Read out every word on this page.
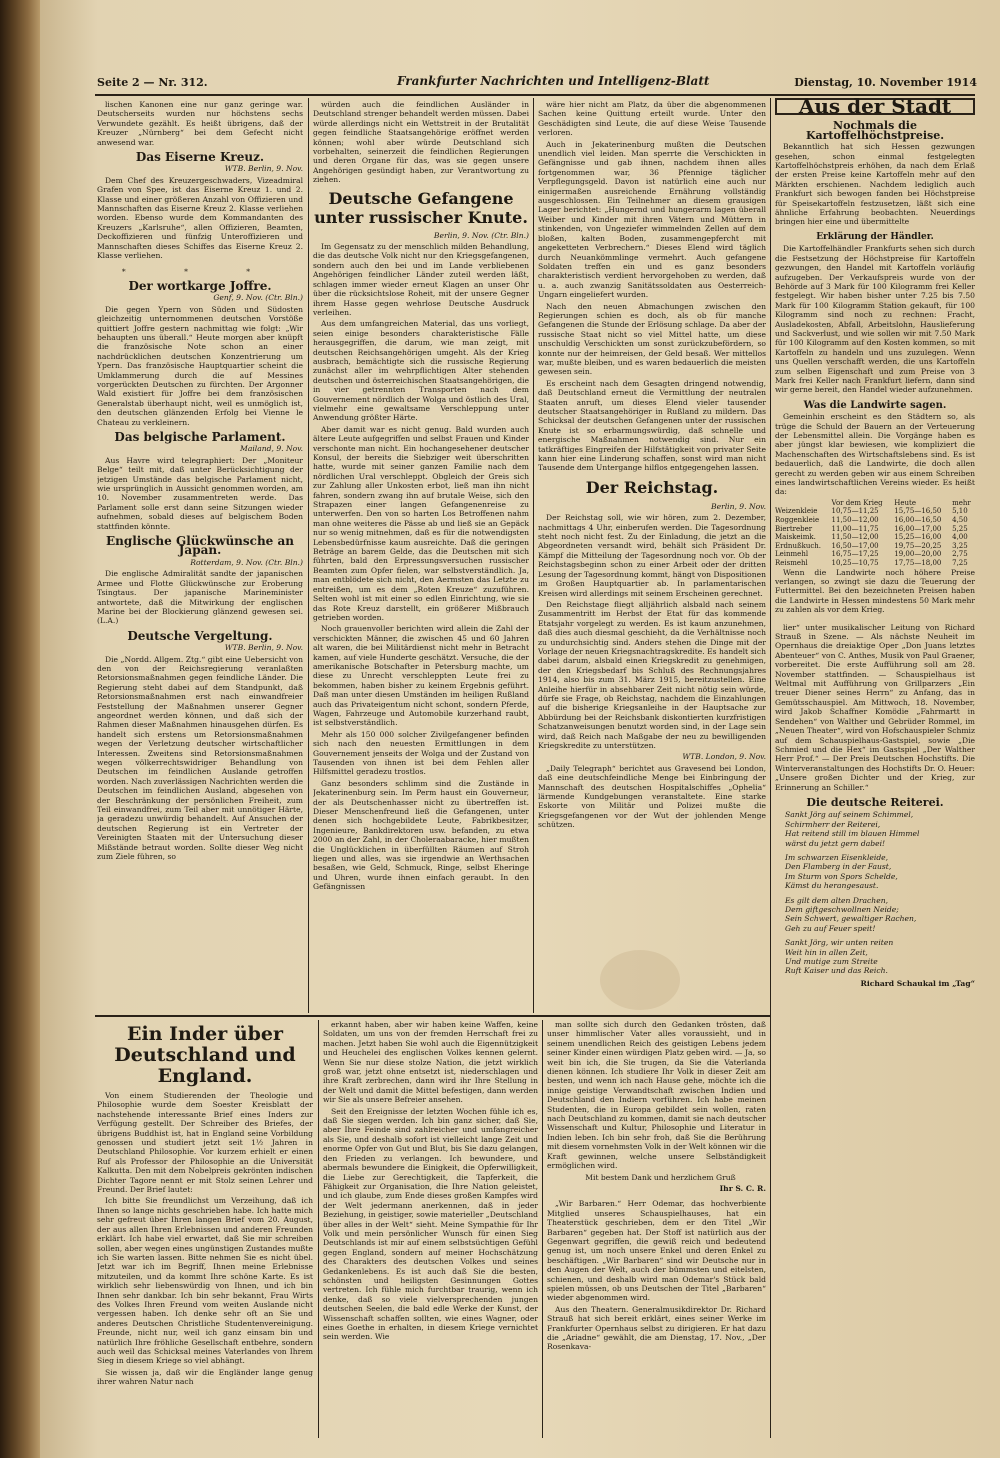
Seite 2 — Nr. 312.	Frankfurter Nachrichten und Intelligenz-Blatt	Dienstag, 10. November 1914

lischen Kanonen eine nur ganz geringe war. Deutscherseits wurden nur höchstens sechs Verwundete gezählt. Es heißt übrigens, daß der Kreuzer „Nürnberg“ bei dem Gefecht nicht anwesend war.

Das Eiserne Kreuz.
WTB. Berlin, 9. Nov.

Dem Chef des Kreuzergeschwaders, Vizeadmiral Grafen von Spee, ist das Eiserne Kreuz 1. und 2. Klasse und einer größeren Anzahl von Offizieren und Mannschaften das Eiserne Kreuz 2. Klasse verliehen worden. Ebenso wurde dem Kommandanten des Kreuzers „Karlsruhe“, allen Offizieren, Beamten, Deckoffizieren und fünfzig Unteroffizieren und Mannschaften dieses Schiffes das Eiserne Kreuz 2. Klasse verliehen.

* * *
Der wortkarge Joffre.
Genf, 9. Nov. (Ctr. Bln.)

Die gegen Ypern von Süden und Südosten gleichzeitig unternommenen deutschen Vorstöße quittiert Joffre gestern nachmittag wie folgt: „Wir behaupten uns überall.“ Heute morgen aber knüpft die französische Note schon an einer nachdrücklichen deutschen Konzentrierung um Ypern. Das französische Hauptquartier scheint die Umklammerung durch die auf Messines vorgerückten Deutschen zu fürchten. Der Argonner Wald existiert für Joffre bei dem französischen Generalstab überhaupt nicht, weil es unmöglich ist, den deutschen glänzenden Erfolg bei Vienne le Chateau zu verkleinern.

Das belgische Parlament.
Mailand, 9. Nov.

Aus Havre wird telegraphiert: Der „Moniteur Belge“ teilt mit, daß unter Berücksichtigung der jetzigen Umstände das belgische Parlament nicht, wie ursprünglich in Aussicht genommen worden, am 10. November zusammentreten werde. Das Parlament solle erst dann seine Sitzungen wieder aufnehmen, sobald dieses auf belgischem Boden stattfinden könnte.

Englische Glückwünsche an Japan.
Rotterdam, 9. Nov. (Ctr. Bln.)

Die englische Admiralität sandte der japanischen Armee und Flotte Glückwünsche zur Eroberung Tsingtaus. Der japanische Marineminister antwortete, daß die Mitwirkung der englischen Marine bei der Blockierung glänzend gewesen sei. (L.A.)

Deutsche Vergeltung.
WTB. Berlin, 9. Nov.

Die „Nordd. Allgem. Ztg.“ gibt eine Uebersicht von den von der Reichsregierung veranlaßten Retorsionsmaßnahmen gegen feindliche Länder. Die Regierung steht dabei auf dem Standpunkt, daß Retorsionsmaßnahmen erst nach einwandfreier Feststellung der Maßnahmen unserer Gegner angeordnet werden können, und daß sich der Rahmen dieser Maßnahmen hinausgehen dürfen. Es handelt sich erstens um Retorsionsmaßnahmen wegen der Verletzung deutscher wirtschaftlicher Interessen. Zweitens sind Retorsionsmaßnahmen wegen völkerrechtswidriger Behandlung von Deutschen im feindlichen Auslande getroffen worden. Nach zuverlässigen Nachrichten werden die Deutschen im feindlichen Ausland, abgesehen von der Beschränkung der persönlichen Freiheit, zum Teil einwandfrei, zum Teil aber mit unnötiger Härte, ja geradezu unwürdig behandelt. Auf Ansuchen der deutschen Regierung ist ein Vertreter der Vereinigten Staaten mit der Untersuchung dieser Mißstände betraut worden. Sollte dieser Weg nicht zum Ziele führen, so

würden auch die feindlichen Ausländer in Deutschland strenger behandelt werden müssen. Dabei würde allerdings nicht ein Wettstreit in der Brutalität gegen feindliche Staatsangehörige eröffnet werden können; wohl aber würde Deutschland sich vorbehalten, seinerzeit die feindlichen Regierungen und deren Organe für das, was sie gegen unsere Angehörigen gesündigt haben, zur Verantwortung zu ziehen.

Deutsche Gefangene unter russischer Knute.
Berlin, 9. Nov. (Ctr. Bln.)

Im Gegensatz zu der menschlich milden Behandlung, die das deutsche Volk nicht nur den Kriegsgefangenen, sondern auch den bei und im Lande verbliebenen Angehörigen feindlicher Länder zuteil werden läßt, schlagen immer wieder erneut Klagen an unser Ohr über die rücksichtslose Roheit, mit der unsere Gegner ihrem Hasse gegen wehrlose Deutsche Ausdruck verleihen.

Aus dem umfangreichen Material, das uns vorliegt, seien einige besonders charakteristische Fälle herausgegriffen, die darum, wie man zeigt, mit deutschen Reichsangehörigen umgeht. Als der Krieg ausbrach, bemächtigte sich die russische Regierung zunächst aller im wehrpflichtigen Alter stehenden deutschen und österreichischen Staatsangehörigen, die in vier getrennten Transporten nach dem Gouvernement nördlich der Wolga und östlich des Ural, vielmehr eine gewaltsame Verschleppung unter Anwendung größter Härte.

Aber damit war es nicht genug. Bald wurden auch ältere Leute aufgegriffen und selbst Frauen und Kinder verschonte man nicht. Ein hochangesehener deutscher Konsul, der bereits die Siebziger weit überschritten hatte, wurde mit seiner ganzen Familie nach dem nördlichen Ural verschleppt. Obgleich der Greis sich zur Zahlung aller Unkosten erbot, ließ man ihn nicht fahren, sondern zwang ihn auf brutale Weise, sich den Strapazen einer langen Gefangenenreise zu unterwerfen. Den von so harten Los Betroffenen nahm man ohne weiteres die Pässe ab und ließ sie an Gepäck nur so wenig mitnehmen, daß es für die notwendigsten Lebensbedürfnisse kaum ausreichte. Daß die geringen Beträge an barem Gelde, das die Deutschen mit sich führten, bald den Erpressungsversuchen russischer Beamten zum Opfer fielen, war selbstverständlich. Ja, man entblödete sich nicht, den Aermsten das Letzte zu entreißen, um es dem „Roten Kreuze“ zuzuführen. Selten wohl ist mit einer so edlen Einrichtung, wie sie das Rote Kreuz darstellt, ein größerer Mißbrauch getrieben worden.

Noch grauenvoller berichten wird allein die Zahl der verschickten Männer, die zwischen 45 und 60 Jahren alt waren, die bei Militärdienst nicht mehr in Betracht kamen, auf viele Hunderte geschätzt. Versuche, die der amerikanische Botschafter in Petersburg machte, um diese zu Unrecht verschleppten Leute frei zu bekommen, haben bisher zu keinem Ergebnis geführt. Daß man unter diesen Umständen im heiligen Rußland auch das Privateigentum nicht schont, sondern Pferde, Wagen, Fahrzeuge und Automobile kurzerhand raubt, ist selbstverständlich.

Mehr als 150 000 solcher Zivilgefangener befinden sich nach den neuesten Ermittlungen in dem Gouvernement jenseits der Wolga und der Zustand von Tausenden von ihnen ist bei dem Fehlen aller Hilfsmittel geradezu trostlos.

Ganz besonders schlimm sind die Zustände in Jekaterinenburg sein. Im Perm haust ein Gouverneur, der als Deutschenhasser nicht zu übertreffen ist. Dieser Menschenfreund ließ die Gefangenen, unter denen sich hochgebildete Leute, Fabrikbesitzer, Ingenieure, Bankdirektoren usw. befanden, zu etwa 2000 an der Zahl, in der Choleraabaracke, hier mußten die Unglücklichen in überfüllten Räumen auf Stroh liegen und alles, was sie irgendwie an Werthsachen besaßen, wie Geld, Schmuck, Ringe, selbst Eheringe und Uhren, wurde ihnen einfach geraubt. In den Gefängnissen

wäre hier nicht am Platz, da über die abgenommenen Sachen keine Quittung erteilt wurde. Unter den Geschädigten sind Leute, die auf diese Weise Tausende verloren.

Auch in Jekaterinenburg mußten die Deutschen unendlich viel leiden. Man sperrte die Verschickten in Gefängnisse und gab ihnen, nachdem ihnen alles fortgenommen war, 36 Pfennige täglicher Verpflegungsgeld. Davon ist natürlich eine auch nur einigermaßen ausreichende Ernährung vollständig ausgeschlossen. Ein Teilnehmer an diesem grausigen Lager berichtet: „Hungernd und hungerarm lagen überall Weiber und Kinder mit ihren Vätern und Müttern in stinkenden, von Ungeziefer wimmelnden Zellen auf dem bloßen, kalten Boden, zusammengepfercht mit angeketteten Verbrechern.“ Dieses Elend wird täglich durch Neuankömmlinge vermehrt. Auch gefangene Soldaten treffen ein und es ganz besonders charakteristisch verdient hervorgehoben zu werden, daß u. a. auch zwanzig Sanitätssoldaten aus Oesterreich-Ungarn eingeliefert wurden.

Nach den neuen Abmachungen zwischen den Regierungen schien es doch, als ob für manche Gefangenen die Stunde der Erlösung schlage. Da aber der russische Staat nicht so viel Mittel hatte, um diese unschuldig Verschickten um sonst zurückzubefördern, so konnte nur der heimreisen, der Geld besaß. Wer mittellos war, mußte bleiben, und es waren bedauerlich die meisten gewesen sein.

Es erscheint nach dem Gesagten dringend notwendig, daß Deutschland erneut die Vermittlung der neutralen Staaten anruft, um dieses Elend vieler tausender deutscher Staatsangehöriger in Rußland zu mildern. Das Schicksal der deutschen Gefangenen unter der russischen Knute ist so erbarmungswürdig, daß schnelle und energische Maßnahmen notwendig sind. Nur ein tatkräftiges Eingreifen der Hilfstätigkeit von privater Seite kann hier eine Linderung schaffen, sonst wird man nicht Tausende dem Untergange hilflos entgegengehen lassen.

Der Reichstag.
Berlin, 9. Nov.

Der Reichstag soll, wie wir hören, zum 2. Dezember, nachmittags 4 Uhr, einberufen werden. Die Tagesordnung steht noch nicht fest. Zu der Einladung, die jetzt an die Abgeordneten versandt wird, behält sich Präsident Dr. Kämpf die Mitteilung der Tagesordnung noch vor. Ob der Reichstagsbeginn schon zu einer Arbeit oder der dritten Lesung der Tagesordnung kommt, hängt von Dispositionen im Großen Hauptquartier ab. In parlamentarischen Kreisen wird allerdings mit seinem Erscheinen gerechnet.

Den Reichstage fliegt alljährlich alsbald nach seinem Zusammentritt im Herbst der Etat für das kommende Etatsjahr vorgelegt zu werden. Es ist kaum anzunehmen, daß dies auch diesmal geschieht, da die Verhältnisse noch zu undurchsichtig sind. Anders stehen die Dinge mit der Vorlage der neuen Kriegsnachtragskredite. Es handelt sich dabei darum, alsbald einen Kriegskredit zu genehmigen, der den Kriegsbedarf bis Schluß des Rechnungsjahres 1914, also bis zum 31. März 1915, bereitzustellen. Eine Anleihe hierfür in absehbarer Zeit nicht nötig sein würde, dürfe sie Frage, ob Reichstag, nachdem die Einzahlungen auf die bisherige Kriegsanleihe in der Hauptsache zur Abbürdung bei der Reichsbank diskontierten kurzfristigen Schatzanweisungen benutzt worden sind, in der Lage sein wird, daß Reich nach Maßgabe der neu zu bewilligenden Kriegskredite zu unterstützen.

WTB. London, 9. Nov.

„Daily Telegraph“ berichtet aus Gravesend bei London, daß eine deutschfeindliche Menge bei Einbringung der Mannschaft des deutschen Hospitalschiffes „Ophelia“ lärmende Kundgebungen veranstaltete. Eine starke Eskorte von Militär und Polizei mußte die Kriegsgefangenen vor der Wut der johlenden Menge schützen.

Aus der Stadt
Nochmals die Kartoffelhöchstpreise.

Bekanntlich hat sich Hessen gezwungen gesehen, schon einmal festgelegten Kartoffelhöchstpreis erhöhen, da nach dem Erlaß der ersten Preise keine Kartoffeln mehr auf den Märkten erschienen. Nachdem lediglich auch Frankfurt sich bewogen fanden bei Höchstpreise für Speisekartoffeln festzusetzen, läßt sich eine ähnliche Erfahrung beobachten. Neuerdings bringen hier eine und übermittelte

Erklärung der Händler.

Die Kartoffelhändler Frankfurts sehen sich durch die Festsetzung der Höchstpreise für Kartoffeln gezwungen, den Handel mit Kartoffeln vorläufig aufzugeben. Der Verkaufspreis wurde von der Behörde auf 3 Mark für 100 Kilogramm frei Keller festgelegt. Wir haben bisher unter 7.25 bis 7.50 Mark für 100 Kilogramm Station gekauft, für 100 Kilogramm sind noch zu rechnen: Fracht, Ausladekosten, Abfall, Arbeitslohn, Hauslieferung und Sackverlust, und wie sollen wir mit 7.50 Mark für 100 Kilogramm auf den Kosten kommen, so mit Kartoffeln zu handeln und uns zuzulegen. Wenn uns Quellen verschafft werden, die uns Kartoffeln zum selben Eigenschaft und zum Preise von 3 Mark frei Keller nach Frankfurt liefern, dann sind wir gerne bereit, den Handel wieder aufzunehmen.

Was die Landwirte sagen.

Gemeinhin erscheint es den Städtern so, als trüge die Schuld der Bauern an der Verteuerung der Lebensmittel allein. Die Vorgänge haben es aber jüngst klar bewiesen, wie kompliziert die Machenschaften des Wirtschaftslebens sind. Es ist bedauerlich, daß die Landwirte, die doch allen gerecht zu werden geben wir aus einem Schreiben eines landwirtschaftlichen Vereins wieder. Es heißt da:

	Vor dem Krieg	Heute	mehr
Weizenkleie	10,75—11,25	15,75—16,50	5,10
Roggenkleie	11,50—12,00	16,00—16,50	4,50
Biertreber	11,00—11,75	16,00—17,00	5,25
Maiskeimk.	11,50—12,00	15,25—16,00	4,00
Erdnußkuch.	16,50—17,00	19,75—20,25	3,25
Leinmehl	16,75—17,25	19,00—20,00	2,75
Reismehl	10,25—10,75	17,75—18,00	7,25

Wenn die Landwirte noch höhere Preise verlangen, so zwingt sie dazu die Teuerung der Futtermittel. Bei den bezeichneten Preisen haben die Landwirte in Hessen mindestens 50 Mark mehr zu zahlen als vor dem Krieg.

lier“ unter musikalischer Leitung von Richard Strauß in Szene. — Als nächste Neuheit im Opernhaus die dreiaktige Oper „Don Juans letztes Abenteuer“ von C. Anthes, Musik von Paul Graener, vorbereitet. Die erste Aufführung soll am 28. November stattfinden. — Schauspielhaus ist Weltmal mit Aufführung von Grillparzers „Ein treuer Diener seines Herrn“ zu Anfang, das in Gemütsschauspiel. Am Mittwoch, 18. November, wird Jakob Schaffner Komödie „Fahrmartt in Sendehen“ von Walther und Gebrüder Rommel, im „Neuen Theater“, wird von Hofschauspieler Schmiz auf dem Schauspielhaus-Gastspiel, sowie „Die Schmied und die Hex“ im Gastspiel „Der Walther Herr Prof.“ — Der Preis Deutschen Hochstifts. Die Winterveranstaltungen des Hochstifts Dr. O. Heuer: „Unsere großen Dichter und der Krieg, zur Erinnerung an Schiller.“

Die deutsche Reiterei.
Sankt Jörg auf seinem Schimmel,
Schirmherr der Reiterei,
Hat reitend still im blauen Himmel
wärst du jetzt gern dabei!
Im schwarzen Eisenkleide,
Den Flamberg in der Faust,
Im Sturm von Spors Schelde,
Kämst du herangesaust.
Es gilt dem alten Drachen,
Dem giftgeschwollnen Neide;
Sein Schwert, gewaltiger Rachen,
Geh zu auf Feuer speit!
Sankt Jörg, wir unten reiten
Weit hin in allen Zeit,
Und mutige zum Streite
Ruft Kaiser und das Reich.
Richard Schaukal im „Tag“
Ein Inder über Deutschland und England.

Von einem Studierenden der Theologie und Philosophie wurde dem Soester Kreisblatt der nachstehende interessante Brief eines Inders zur Verfügung gestellt. Der Schreiber des Briefes, der übrigens Buddhist ist, hat in England seine Vorbildung genossen und studiert jetzt seit 1½ Jahren in Deutschland Philosophie. Vor kurzem erhielt er einen Ruf als Professor der Philosophie an die Universität Kalkutta. Den mit dem Nobelpreis gekrönten indischen Dichter Tagore nennt er mit Stolz seinen Lehrer und Freund. Der Brief lautet:

Ich bitte Sie freundlichst um Verzeihung, daß ich Ihnen so lange nichts geschrieben habe. Ich hatte mich sehr gefreut über Ihren langen Brief vom 20. August, der aus allen Ihren Erlebnissen und anderen Freunden erklärt. Ich habe viel erwartet, daß Sie mir schreiben sollen, aber wegen eines ungünstigen Zustandes mußte ich Sie warten lassen. Bitte nehmen Sie es nicht übel. Jetzt war ich im Begriff, Ihnen meine Erlebnisse mitzuteilen, und da kommt Ihre schöne Karte. Es ist wirklich sehr liebenswürdig von Ihnen, und ich bin Ihnen sehr dankbar. Ich bin sehr bekannt, Frau Wirts des Volkes Ihren Freund vom weiten Auslande nicht vergessen haben. Ich denke sehr oft an Sie und anderes Deutschen Christliche Studentenvereinigung. Freunde, nicht nur, weil ich ganz einsam bin und natürlich Ihre fröhliche Gesellschaft entbehre, sondern auch weil das Schicksal meines Vaterlandes von Ihrem Sieg in diesem Kriege so viel abhängt.

Sie wissen ja, daß wir die Engländer lange genug ihrer wahren Natur nach

erkannt haben, aber wir haben keine Waffen, keine Soldaten, um uns von der fremden Herrschaft frei zu machen. Jetzt haben Sie wohl auch die Eigennützigkeit und Heuchelei des englischen Volkes kennen gelernt. Wenn Sie nur diese stolze Nation, die jetzt wirklich groß war, jetzt ohne entsetzt ist, niederschlagen und ihre Kraft zerbrechen, dann wird ihr Ihre Stellung in der Welt und damit die Mittel befestigen, dann werden wir Sie als unsere Befreier ansehen.

Seit den Ereignisse der letzten Wochen fühle ich es, daß Sie siegen werden. Ich bin ganz sicher, daß Sie, aber Ihre Feinde sind zahlreicher und umfangreicher als Sie, und deshalb sofort ist vielleicht lange Zeit und enorme Opfer von Gut und Blut, bis Sie dazu gelangen, den Frieden zu verlangen. Ich bewundere, und abermals bewundere die Einigkeit, die Opferwilligkeit, die Liebe zur Gerechtigkeit, die Tapferkeit, die Fähigkeit zur Organisation, die Ihre Nation geleistet, und ich glaube, zum Ende dieses großen Kampfes wird der Welt jedermann anerkennen, daß in jeder Beziehung, in geistiger, sowie materieller „Deutschland über alles in der Welt“ sieht. Meine Sympathie für Ihr Volk und mein persönlicher Wunsch für einen Sieg Deutschlands ist mir auf einem selbstsüchtigen Gefühl gegen England, sondern auf meiner Hochschätzung des Charakters des deutschen Volkes und seines Gedankenlebens. Es ist auch daß Sie die besten, schönsten und heiligsten Gesinnungen Gottes vertreten. Ich fühle mich furchtbar traurig, wenn ich denke, daß so viele vielversprechenden jungen deutschen Seelen, die bald edle Werke der Kunst, der Wissenschaft schaffen sollten, wie eines Wagner, oder eines Goethe in erhalten, in diesem Kriege vernichtet sein werden. Wie

man sollte sich durch den Gedanken trösten, daß unser himmlischer Vater alles voraussieht, und in seinem unendlichen Reich des geistigen Lebens jedem seiner Kinder einen würdigen Platz geben wird. — Ja, so weit bin ich, die Sie trugen, da Sie die Vaterlanda dienen können. Ich studiere Ihr Volk in dieser Zeit am besten, und wenn ich nach Hause gehe, möchte ich die innige geistige Verwandtschaft zwischen Indien und Deutschland den Indiern vorführen. Ich habe meinen Studenten, die in Europa gebildet sein wollen, raten nach Deutschland zu kommen, damit sie nach deutscher Wissenschaft und Kultur, Philosophie und Literatur in Indien leben. Ich bin sehr froh, daß Sie die Berührung mit diesem vornehmsten Volk in der Welt können wir die Kraft gewinnen, welche unsere Selbständigkeit ermöglichen wird.

Mit bestem Dank und herzlichem Gruß

Ihr S. C. R.

„Wir Barbaren.“ Herr Odemar, das hochverbiente Mitglied unseres Schauspielhauses, hat ein Theaterstück geschrieben, dem er den Titel „Wir Barbaren“ gegeben hat. Der Stoff ist natürlich aus der Gegenwart gegriffen, die gewiß reich und bedeutend genug ist, um noch unsere Enkel und deren Enkel zu beschäftigen. „Wir Barbaren“ sind wir Deutsche nur in den Augen der Welt, auch der bümmsten und eitelsten, schienen, und deshalb wird man Odemar's Stück bald spielen müssen, ob uns Deutschen der Titel „Barbaren“ wieder abgenommen wird.

Aus den Theatern. Generalmusikdirektor Dr. Richard Strauß hat sich bereit erklärt, eines seiner Werke im Frankfurter Opernhaus selbst zu dirigieren. Er hat dazu die „Ariadne“ gewählt, die am Dienstag, 17. Nov., „Der Rosenkava-
